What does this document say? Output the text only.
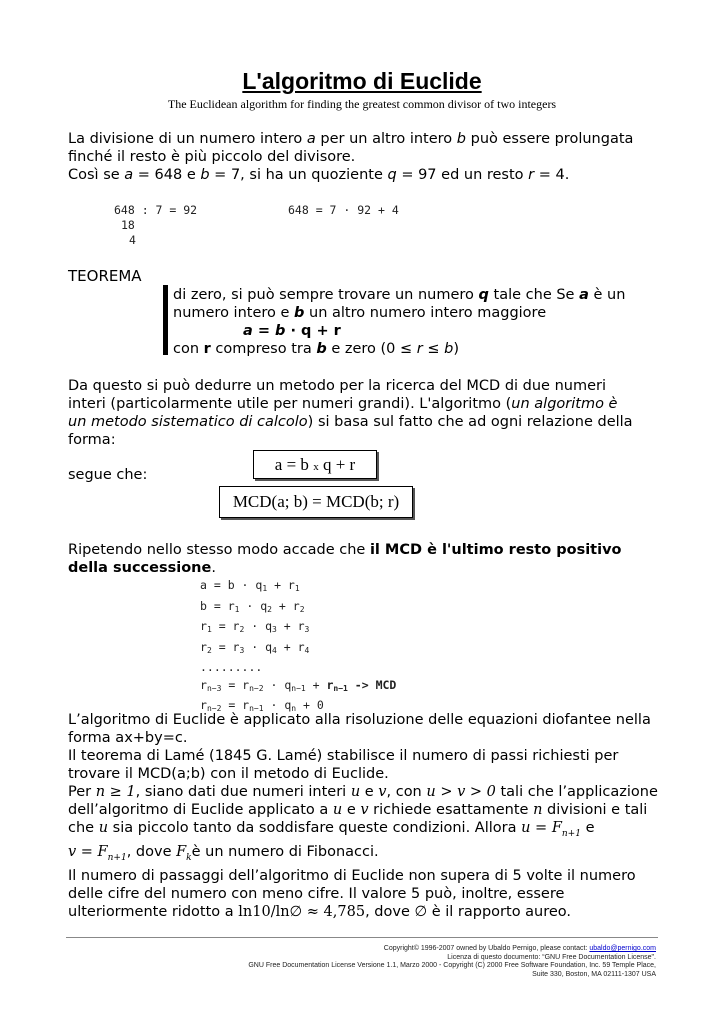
L'algoritmo di Euclide
The Euclidean algorithm for finding the greatest common divisor of two integers
La divisione di un numero intero a per un altro intero b può essere prolungata
finché il resto è più piccolo del divisore.
Così se a = 648 e b = 7, si ha un quoziente q = 97 ed un resto r = 4.
648 : 7 = 92
18
4
648 = 7 · 92 + 4
TEOREMA
di zero, si può sempre trovare un numero q tale che Se a è un
numero intero e b un altro numero intero maggiore
a = b · q + r
con r compreso tra b e zero (0 ≤ r ≤ b)
Da questo si può dedurre un metodo per la ricerca del MCD di due numeri
interi (particolarmente utile per numeri grandi). L'algoritmo (un algoritmo è
un metodo sistematico di calcolo) si basa sul fatto che ad ogni relazione della
forma:
segue che:
a = b x q + r
MCD(a; b) = MCD(b; r)
Ripetendo nello stesso modo accade che il MCD è l'ultimo resto positivo
della successione.
$a = b \cdot q_1 + r_1$
$b = r_1 \cdot q_2 + r_2$
$r_1 = r_2 \cdot q_3 + r_3$
$r_2 = r_3 \cdot q_4 + r_4$
.........
$r_{n-3} = r_{n-2} \cdot q_{n-1} + r_{n-1}$ -> MCD
$r_{n-2} = r_{n-1} \cdot q_n + 0$
L’algoritmo di Euclide è applicato alla risoluzione delle equazioni diofantee nella
forma ax+by=c.
Il teorema di Lamé (1845 G. Lamé) stabilisce il numero di passi richiesti per
trovare il MCD(a;b) con il metodo di Euclide.
Per n ≥ 1, siano dati due numeri interi u e v, con u > v > 0 tali che l’applicazione
dell’algoritmo di Euclide applicato a u e v richiede esattamente n divisioni e tali
che u sia piccolo tanto da soddisfare queste condizioni. Allora $u = F_{n+1}$ e
$v = F_{n+1}$, dove $F_kè$ un numero di Fibonacci.
Il numero di passaggi dell’algoritmo di Euclide non supera di 5 volte il numero
delle cifre del numero con meno cifre. Il valore 5 può, inoltre, essere
ulteriormente ridotto a ln10/ln∅ ≈ 4,785, dove ∅ è il rapporto aureo.
Copyright© 1996-2007 owned by Ubaldo Pernigo, please contact: ubaldo@pernigo.com
Licenza di questo documento: “GNU Free Documentation License".
GNU Free Documentation License Versione 1.1, Marzo 2000 - Copyright (C) 2000 Free Software Foundation, Inc. 59 Temple Place,
Suite 330, Boston, MA 02111-1307 USA
